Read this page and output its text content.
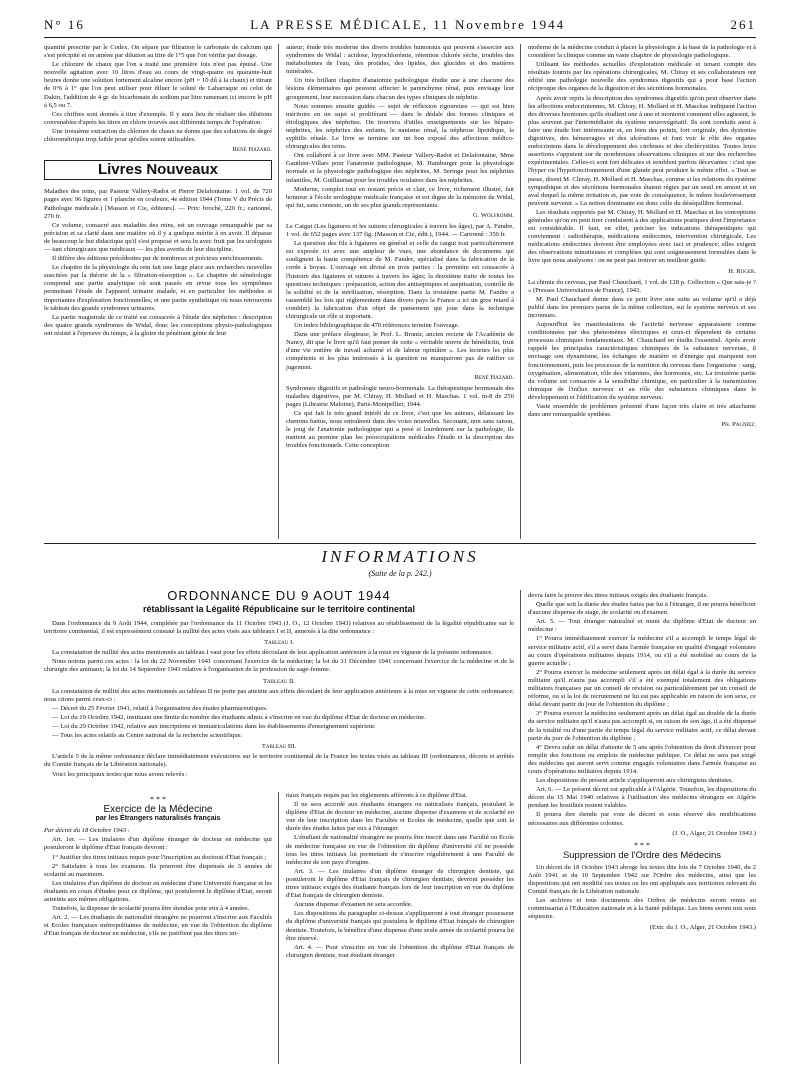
N° 16	LA PRESSE MÉDICALE, 11 Novembre 1944	261

quantité prescrite par le Codex. On sépare par filtration le carbonate de calcium qui s'est précipité et on amène par dilution au titre de 1°5 que l'on vérifie par dosage.

Le chlorure de chaux que l'on a traité une première fois n'est pas épuisé. Une nouvelle agitation avec 10 litres d'eau au cours de vingt-quatre ou quarante-huit heures donne une solution fortement alcaline encore (pH = 10 dû à la chaux) et titrant de 0°6 à 1° que l'on peut utiliser pour diluer le soluté de Labarraque ou celui de Dakin, l'addition de 4 gr. de bicarbonate de sodium par litre ramenant ici encore le pH à 6,5 ou 7.

Ces chiffres sont donnés à titre d'exemple. Il y aura lieu de réaliser des dilutions convenables d'après les titres en chlore trouvés aux différents temps de l'opération.

Une troisième extraction du chlorure de chaux ne donne que des solutions de degré chlorométrique trop faible pour qu'elles soient utilisables.

René Hazard.
Livres Nouveaux

Maladies des reins, par Pasteur Vallery-Radot et Pierre Delafontaine. 1 vol. de 720 pages avec 96 figures et 1 planche en couleurs, 4e édition 1944 (Tome V du Précis de Pathologie médicale.) [Masson et Cie, éditeurs]. — Prix: broché, 220 fr.; cartonné, 270 fr.

Ce volume, consacré aux maladies des reins, est un ouvrage remarquable par sa précision et sa clarté dans une matière où il y a quelque mérite à en avoir. Il dépasse de beaucoup le but didactique qu'il s'est proposé et sera lu avec fruit par les urologues — tant chirurgicaux que médicaux — les plus avertis de leur discipline.

Il diffère des éditions précédentes par de nombreux et précieux enrichissements.

Le chapitre de la physiologie du rein fait une large place aux recherches nouvelles suscitées par la théorie de la « filtration-résorption ». Le chapitre de séméiologie comprend une partie analytique où sont passés en revue tous les symptômes permettant l'étude de l'appareil urinaire malade, et en particulier les méthodes si importantes d'exploration fonctionnelles, et une partie synthétique où nous retrouvons le tableau des grands syndromes urinaires.

La partie magistrale de ce traité est consacrée à l'étude des néphrites : description des quatre grands syndromes de Widal, donc les conceptions physio-pathologiques ont résisté à l'épreuve du temps, à la gloire du pénétrant génie de leur

auteur; étude très moderne des divers troubles humoraux qui peuvent s'associer aux syndromes de Widal : acidose, hypochlorémie, rétention chlorée sèche, troubles des métabolismes de l'eau, des protides, des lipides, des glucides et des matières minérales.

Un très brillant chapitre d'anatomie pathologique étudie une à une chacune des lésions élémentaires qui peuvent affecter le parenchyme rénal, puis envisage leur groupement, leur succession dans chacun des types cliniques de néphrite.

Nous sommes ensuite guidés — sujet de réflexion rigoureuse — qui est bien méritoire en un sujet si proliférant — dans le dédale des formes cliniques et étiologiques des néphrites. On trouvera d'utiles enseignements sur les hépato-néphrites, les néphrites des enfants, le nanisme rénal, la néphrose lipoïdique, la syphilis rénale. Le livre se termine sur un bon exposé des affections médico-chirurgicales des reins.

Ont collaboré à ce livre avec MM. Pasteur Vallery-Radot et Delafontaine, Mme Gauthier-Villars pour l'anatomie pathologique, M. Hamburger pour la physiologie normale et la physiologie pathologique des néphrites, M. Seringe pour les néphrites infantiles, M. Guillaumat pour les troubles oculaires dans les néphrites.

Moderne, complet tout en restant précis et clair, ce livre, richement illustré, fait honneur à l'école urologique médicale française et est digne de la mémoire de Widal, qui fut, sans conteste, un de ses plus grands représentants.

G. Wolfromm.

Le Catgut (Les ligatures et les sutures chirurgicales à travers les âges), par A. Fandre, 1 vol. de 652 pages avec 137 fig. (Masson et Cie, édit.), 1944. — Cartonné : 350 fr.

La question des fils à ligatures en général et celle du catgut tout particulièrement est exposée ici avec une ampleur de vues, une abondance de documents qui soulignent la haute compétence de M. Fandre, spécialisé dans la fabrication de la corde à boyau. L'ouvrage est divisé en trois parties : la première est consacrée à l'histoire des ligatures et sutures à travers les âges; la deuxième traite de toutes les questions techniques : préparation, action des antiseptiques et aseptisation, contrôle de la solidité et de la stérilisation, résorption. Dans la troisième partie M. Fandre a rassemblé les lois qui réglementent dans divers pays la France a ici un gros retard à combler) la fabrication d'un objet de pansement qui joue dans la technique chirurgicale un rôle si important.

Un index bibliographique de 470 références termine l'ouvrage.

Dans une préface élogieuse, le Prof. L. Bruntz, ancien recteur de l'Académie de Nancy, dit que le livre qu'il faut penser de cette « véritable œuvre de bénédictin, fruit d'une vie entière de travail acharné et de labeur opiniâtre ». Les lecteurs les plus compétents et les plus intéressés à la question ne manqueront pas de ratifier ce jugement.

René Hazard.

Syndromes digestifs et pathologie neuro-hormonale. La thérapeutique hormonale des maladies digestives, par M. Chiray, H. Mollard et H. Maschas. 1 vol. in-8 de 256 pages (Librairie Maloine), Paris-Montpellier, 1944.

Ce qui fait le très grand intérêt de ce livre, c'est que les auteurs, délaissant les chemins battus, nous entraînent dans des voies nouvelles. Secouant, non sans raison, le joug de l'anatomie pathologique qui a pesé si lourdement sur la pathologie, ils mettent au premier plan les préoccupations médicales l'étude et la description des troubles fonctionnels. Cette conception

moderne de la médecine conduit à placer la physiologie à la base de la pathologie et à considérer la clinique comme un vaste chapitre de physiologie pathologique.

Utilisant les méthodes actuelles d'exploration médicale et tenant compte des résultats fournis par les opérations chirurgicales, M. Chiray et ses collaborateurs ont édifié une pathologie nouvelle des syndromes digestifs qui a pour base l'action réciproque des organes de la digestion et des sécrétions hormonales.

Après avoir repris la description des syndromes digestifs qu'on peut observer dans les affections endocriniennes, M. Chiray, H. Mollard et H. Maschas indiquent l'action des diverses hormones qu'ils étudient une à une et montrent comment elles agissent, le plus souvent par l'intermédiaire du système neurovégétatif. Ils sont conduits ainsi à faire une étude fort intéressante et, en bien des points, fort originale, des dystonies digestives, des hémorragies et des ulcérations et font voir le rôle des organes endocriniens dans le développement des cirrhoses et des cholécystites. Toutes leurs assertions s'appuient sur de nombreuses observations cliniques et sur des recherches expérimentales. Celles-ci sont fort délicates et semblent parfois décevantes : c'est que l'hyper ou l'hypofonctionnement d'une glande peut produire le même effet. « Tout se passe, disent M. Chiray, H. Mollard et H. Maschas, comme si les relations du système sympathique et des sécrétions hormonales étaient régies par un seuil en amont et en aval duquel la même irritation et, par voie de conséquence, le même bouleversement peuvent survenir. » La notion dominante est donc celle du déséquilibre hormonal.

Les résultats rapportés par M. Chiray, H. Mollard et H. Maschas et les conceptions générales qu'on en peut tirer conduisent à des applications pratiques dont l'importance est considérable. Il faut, en effet, préciser les indications thérapeutiques qui conviennent : radiothérapie, médications endocrines, intervention chirurgicale. Les médications endocrines doivent être employées avec tact et prudence; elles exigent des observations minutieuses et complètes qui sont soigneusement formulées dans le livre que nous analysons : on ne peut pas trouver un meilleur guide.

H. Roger.

La chimie du cerveau, par Paul Chauchard, 1 vol. de 128 p. Collection « Que sais-je ? » (Presses Universitaires de France), 1943.

M. Paul Chauchard donne dans ce petit livre une suite au volume qu'il a déjà publié dans les premiers parus de la même collection, sur le système nerveux et ses inconnues.

Aujourd'hui les manifestations de l'activité nerveuse apparaissent comme conditionnées par des phénomènes électriques et ceux-ci dépendent de certains processus chimiques fondamentaux. M. Chauchard en étudie l'essentiel. Après avoir rappelé les principales caractéristiques chimiques de la substance nerveuse, il envisage son dynamisme, les échanges de matière et d'énergie qui marquent son fonctionnement, puis les processus de la nutrition du cerveau dans l'organisme : sang, oxygénation, alimentation, rôle des vitamines, des hormones, etc. La troisième partie du volume est consacrée à la sensibilité chimique, en particulier à la transmission chimique de l'influx nerveux et au rôle des substances chimiques dans le développement et l'édification du système nerveux.

Vaste ensemble de problèmes présenté d'une façon très claire et très attachante dans une remarquable synthèse.

Ph. Pagniez.
INFORMATIONS
(Suite de la p. 242.)
ORDONNANCE DU 9 AOUT 1944
rétablissant la Légalité Républicaine sur le territoire continental

Dans l'ordonnance du 9 Août 1944, complétée par l'ordonnance du 11 Octobre 1943 (J. O., 12 Octobre 1943) relatives au rétablissement de la légalité républicaine sur le territoire continental, il est expressément constaté la nullité des actes visés aux tableaux I et II, annexés à la dite ordonnance :

Tableau I.

La constatation de nullité des actes mentionnés au tableau I vaut pour les effets découlant de leur application antérieure à la mise en vigueur de la présente ordonnance.

Nous notons parmi ces actes : la loi du 22 Novembre 1941 concernant l'exercice de la médecine; la loi du 31 Décembre 1941 concernant l'exercice de la médecine et de la chirurgie des animaux; la loi du 14 Septembre 1943 relative à l'organisation de la profession de sage-femme.

Tableau II.

La constatation de nullité des actes mentionnés au tableau II ne porte pas atteinte aux effets découlant de leur application antérieure à la mise en vigueur de cette ordonnance; nous citons parmi ceux-ci :

— Décret du 25 Février 1941, relatif à l'organisation des études pharmaceutiques.

— Loi du 19 Octobre 1942, instituant une limite du nombre des étudiants admis à s'inscrire en vue du diplôme d'Etat de docteur en médecine.

— Loi du 29 Octobre 1942, relative aux inscriptions et immatriculations dans les établissements d'enseignement supérieur.

— Tous les actes relatifs au Centre national de la recherche scientifique.

Tableau III.

L'article 5 de la même ordonnance déclare immédiatement exécutoires sur le territoire continental de la France les textes visés au tableau III (ordonnances, décrets et arrêtés du Comité français de la Libération nationale).

Voici les principaux textes que nous avons relevés :

* * *
Exercice de la Médecine
par les Étrangers naturalisés français

Par décret du 18 Octobre 1943 :

Art. 1er. — Les titulaires d'un diplôme étranger de docteur en médecine qui postuleront le diplôme d'Etat français devront :

1° Justifier des titres initiaux requis pour l'inscription au doctorat d'Etat français ;

2° Satisfaire à tous les examens. Ils pourront être dispensés de 3 années de scolarité au maximum.

Les titulaires d'un diplôme de docteur en médecine d'une Université française et les étudiants en cours d'études pour ce diplôme, qui postuleront le diplôme d'Etat, seront astreints aux mêmes obligations.

Toutefois, la dispense de scolarité pourra être étendue pour eux à 4 années.

Art. 2. — Les étudiants de nationalité étrangère ne pourront s'inscrire aux Facultés et Ecoles françaises métropolitaines de médecine, en vue de l'obtention du diplôme d'Etat français de docteur en médecine, s'ils ne justifient pas des titres ini-

tiaux français requis par les règlements afférents à ce diplôme d'Etat.

Il ne sera accordé aux étudiants étrangers ou naturalisés français, postulant le diplôme d'Etat de docteur en médecine, aucune dispense d'examens et de scolarité en vue de leur inscription dans les Facultés et Ecoles de médecine, quelle que soit la durée des études faites par eux à l'étranger.

L'étudiant de nationalité étrangère ne pourra être inscrit dans une Faculté ou Ecole de médecine française en vue de l'obtention du diplôme d'université s'il ne possède tous les titres initiaux lui permettant de s'inscrire régulièrement à une Faculté de médecine de son pays d'origine.

Art. 3. — Les titulaires d'un diplôme étranger de chirurgien dentiste, qui postuleront le diplôme d'Etat français de chirurgien dentiste, devront posséder les titres initiaux exigés des étudiants français lors de leur inscription en vue du diplôme d'Etat français de chirurgien dentiste.

Aucune dispense d'examen ne sera accordée.

Les dispositions du paragraphe ci-dessus s'appliqueront à tout étranger possesseur du diplôme d'université français qui postulera le diplôme d'Etat français de chirurgien dentiste. Toutefois, le bénéfice d'une dispense d'une seule année de scolarité pourra lui être réservé.

Art. 4. — Pour s'inscrire en vue de l'obtention du diplôme d'Etat français de chirurgien dentiste, tout étudiant étranger

devra faire la preuve des titres initiaux exigés des étudiants français.

Quelle que soit la durée des études faites par lui à l'étranger, il ne pourra bénéficier d'aucune dispense de stage, de scolarité ou d'examen.

Art. 5. — Tout étranger naturalisé et muni du diplôme d'Etat de docteur en médecine :

1° Pourra immédiatement exercer la médecine s'il a accompli le temps légal de service militaire actif, s'il a servi dans l'armée française en qualité d'engagé volontaire au cours d'opérations militaires depuis 1914, ou s'il a été mobilisé au cours de la guerre actuelle ;

2° Pourra exercer la médecine seulement après un délai égal à la durée du service militaire qu'il n'aura pas accompli s'il a été exempté totalement des obligations militaires françaises par un conseil de révision ou particulièrement par un conseil de réforme, ou si la loi de recrutement ne lui est pas applicable en raison de son sexe, ce délai devant partir du jour de l'obtention du diplôme ;

3° Pourra exercer la médecine seulement après un délai égal au double de la durée du service militaire qu'il n'aura pas accompli si, en raison de son âge, il a été dispensé de la totalité ou d'une partie du temps légal du service militaire actif, ce délai devant partir du jour de l'obtention du diplôme ;

4° Devra subir un délai d'attente de 5 ans après l'obtention du droit d'exercer pour remplir des fonctions ou emplois de médecine publique. Ce délai ne sera pas exigé des médecins qui auront servi comme engagés volontaires dans l'armée française au cours d'opérations militaires depuis 1914.

Les dispositions du présent article s'appliqueront aux chirurgiens dentistes.

Art. 6. — Le présent décret est applicable à l'Algérie. Toutefois, les dispositions du décret du 15 Mai 1940 relatives à l'utilisation des médecins étrangers en Algérie pendant les hostilités restent valables.

Il pourra être étendu par voie de décret et sous réserve des modifications nécessaires aux différentes colonies.

(J. O., Alger, 21 Octobre 1943.)
* * *
Suppression de l'Ordre des Médecins

Un décret du 18 Octobre 1943 abroge les textes dits lois du 7 Octobre 1940, du 2 Août 1941 et du 10 Septembre 1942 sur l'Ordre des médecins, ainsi que les dispositions qui ont modifié ces textes ou les ont appliqués aux territoires relevant du Comité français de la Libération nationale.

Les archives et tous documents des Ordres de médecins seront remis au commissariat à l'Education nationale et à la Santé publique. Les biens seront mis sous séquestre.

(Extr. du J. O., Alger, 21 Octobre 1943.)
